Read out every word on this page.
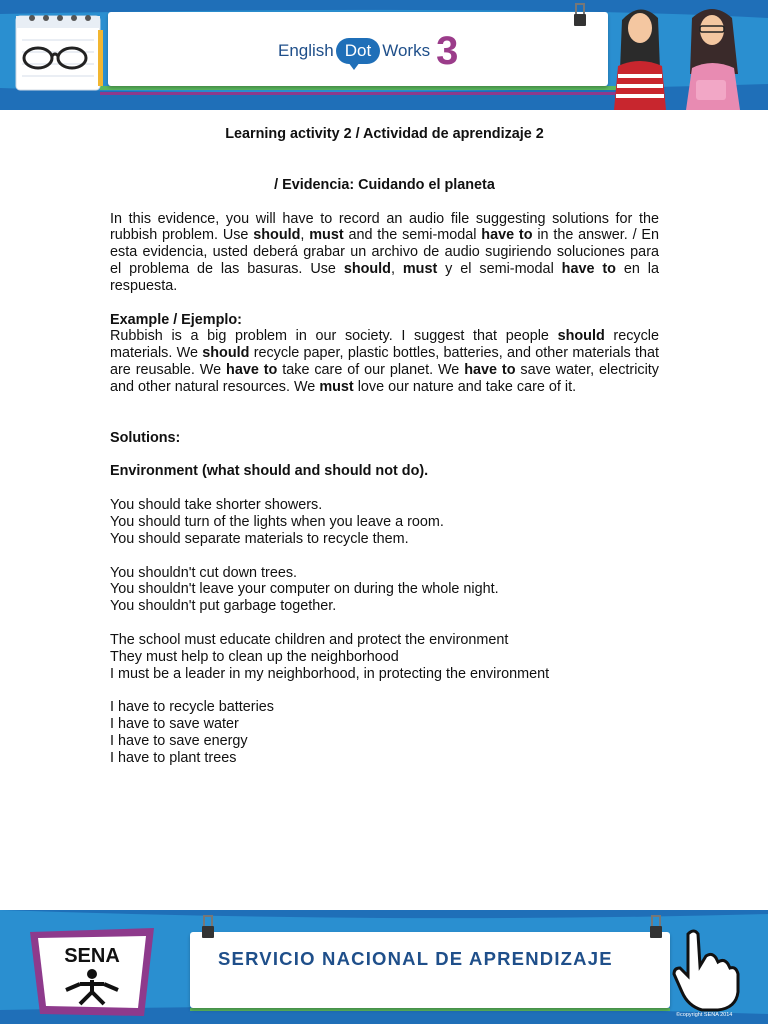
English Dot Works 3
Learning activity 2 / Actividad de aprendizaje 2
/ Evidencia: Cuidando el planeta
In this evidence, you will have to record an audio file suggesting solutions for the rubbish problem. Use should, must and the semi-modal have to in the answer. / En esta evidencia, usted deberá grabar un archivo de audio sugiriendo soluciones para el problema de las basuras. Use should, must y el semi-modal have to en la respuesta.
Example / Ejemplo:
Rubbish is a big problem in our society. I suggest that people should recycle materials. We should recycle paper, plastic bottles, batteries, and other materials that are reusable. We have to take care of our planet. We have to save water, electricity and other natural resources. We must love our nature and take care of it.
Solutions:
Environment (what should and should not do).
You should take shorter showers.
You should turn of the lights when you leave a room.
You should separate materials to recycle them.
You shouldn't cut down trees.
You shouldn't leave your computer on during the whole night.
You shouldn't put garbage together.
The school must educate children and protect the environment
They must help to clean up the neighborhood
I must be a leader in my neighborhood, in protecting the environment
I have to recycle batteries
I have to save water
I have to save energy
I have to plant trees
SENA	SERVICIO NACIONAL DE APRENDIZAJE
©copyright SENA 2014
